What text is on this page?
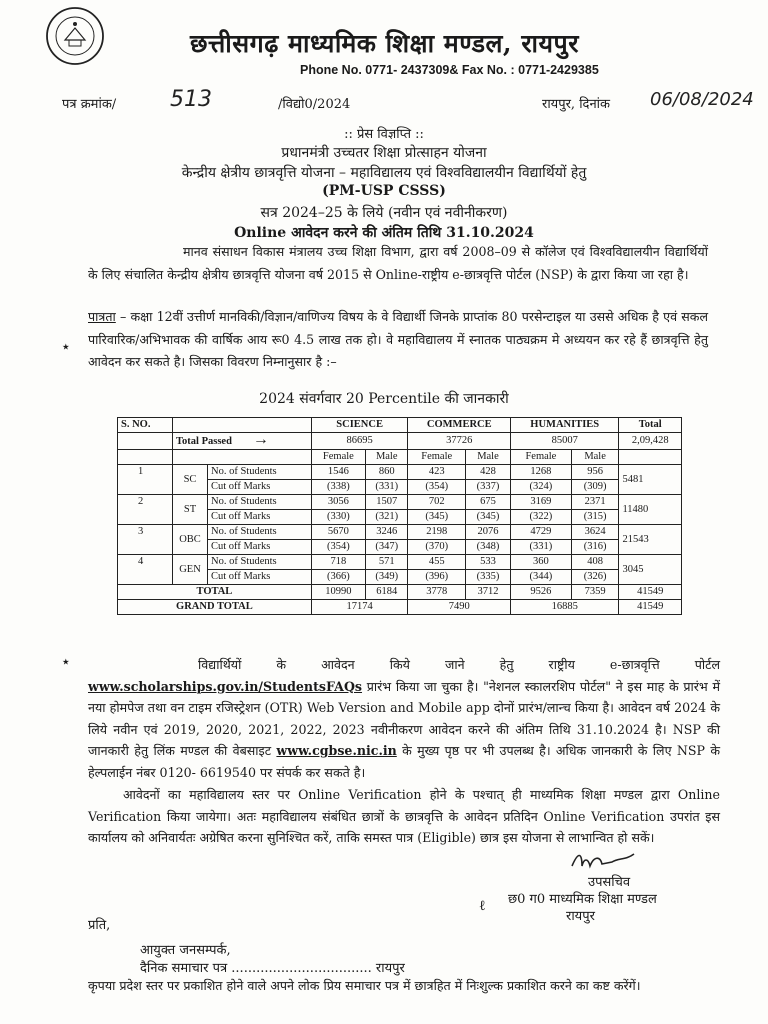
छत्तीसगढ़ माध्यमिक शिक्षा मण्डल, रायपुर
Phone No. 0771- 2437309& Fax No. : 0771-2429385
पत्र क्रमांक/ 513	/विद्यो0/2024	रायपुर, दिनांक 06/08/2024
:: प्रेस विज्ञप्ति ::
प्रधानमंत्री उच्चतर शिक्षा प्रोत्साहन योजना
केन्द्रीय क्षेत्रीय छात्रवृत्ति योजना – महाविद्यालय एवं विश्वविद्यालयीन विद्यार्थियों हेतु
(PM-USP CSSS)
सत्र 2024–25 के लिये (नवीन एवं नवीनीकरण)
Online आवेदन करने की अंतिम तिथि 31.10.2024

मानव संसाधन विकास मंत्रालय उच्च शिक्षा विभाग, द्वारा वर्ष 2008–09 से कॉलेज एवं विश्वविद्यालयीन विद्यार्थियों के लिए संचालित केन्द्रीय क्षेत्रीय छात्रवृत्ति योजना वर्ष 2015 से Online-राष्ट्रीय e-छात्रवृत्ति पोर्टल (NSP) के द्वारा किया जा रहा है।

पात्रता – कक्षा 12वीं उत्तीर्ण मानविकी/विज्ञान/वाणिज्य विषय के वे विद्यार्थी जिनके प्राप्तांक 80 परसेन्टाइल या उससे अधिक है एवं सकल पारिवारिक/अभिभावक की वार्षिक आय रू0 4.5 लाख तक हो। वे महाविद्यालय में स्नातक पाठ्यक्रम मे अध्ययन कर रहे हैं छात्रवृत्ति हेतु आवेदन कर सकते है। जिसका विवरण निम्नानुसार है :–

٭
2024 संवर्गवार 20 Percentile की जानकारी
S. NO.			SCIENCE		COMMERCE		HUMANITIES		Total
	Total Passed →		86695		37726		85007		2,09,428
			Female	Male	Female	Male	Female	Male	
1	SC	No. of Students	1546	860	423	428	1268	956	5481
		Cut off Marks	(338)	(331)	(354)	(337)	(324)	(309)	
2	ST	No. of Students	3056	1507	702	675	3169	2371	11480
		Cut off Marks	(330)	(321)	(345)	(345)	(322)	(315)	
3	OBC	No. of Students	5670	3246	2198	2076	4729	3624	21543
		Cut off Marks	(354)	(347)	(370)	(348)	(331)	(316)	
4	GEN	No. of Students	718	571	455	533	360	408	3045
		Cut off Marks	(366)	(349)	(396)	(335)	(344)	(326)	
TOTAL			10990	6184	3778	3712	9526	7359	41549
GRAND TOTAL			17174		7490		16885		41549
٭	विद्यार्थियों के आवेदन किये जाने हेतु राष्ट्रीय e-छात्रवृत्ति पोर्टल www.scholarships.gov.in/StudentsFAQs प्रारंभ किया जा चुका है। "नेशनल स्कालरशिप पोर्टल" ने इस माह के प्रारंभ में नया होमपेज तथा वन टाइम रजिस्ट्रेशन (OTR) Web Version and Mobile app दोनों प्रारंभ/लान्च किया है। आवेदन वर्ष 2024 के लिये नवीन एवं 2019, 2020, 2021, 2022, 2023 नवीनीकरण आवेदन करने की अंतिम तिथि 31.10.2024 है। NSP की जानकारी हेतु लिंक मण्डल की वेबसाइट www.cgbse.nic.in के मुख्य पृष्ठ पर भी उपलब्ध है। अधिक जानकारी के लिए NSP के हेल्पलाईन नंबर 0120- 6619540 पर संपर्क कर सकते है।

आवेदनों का महाविद्यालय स्तर पर Online Verification होने के पश्चात् ही माध्यमिक शिक्षा मण्डल द्वारा Online Verification किया जायेगा। अतः महाविद्यालय संबंधित छात्रों के छात्रवृत्ति के आवेदन प्रतिदिन Online Verification उपरांत इस कार्यालय को अनिवार्यतः अग्रेषित करना सुनिश्चित करें, ताकि समस्त पात्र (Eligible) छात्र इस योजना से लाभान्वित हो सकें।

उपसचिव
छ0 ग0 माध्यमिक शिक्षा मण्डल
रायपुर
ℓ
प्रति,
आयुक्त जनसम्पर्क,
दैनिक समाचार पत्र .................................. रायपुर

कृपया प्रदेश स्तर पर प्रकाशित होने वाले अपने लोक प्रिय समाचार पत्र में छात्रहित में निःशुल्क प्रकाशित करने का कष्ट करेंगें।
